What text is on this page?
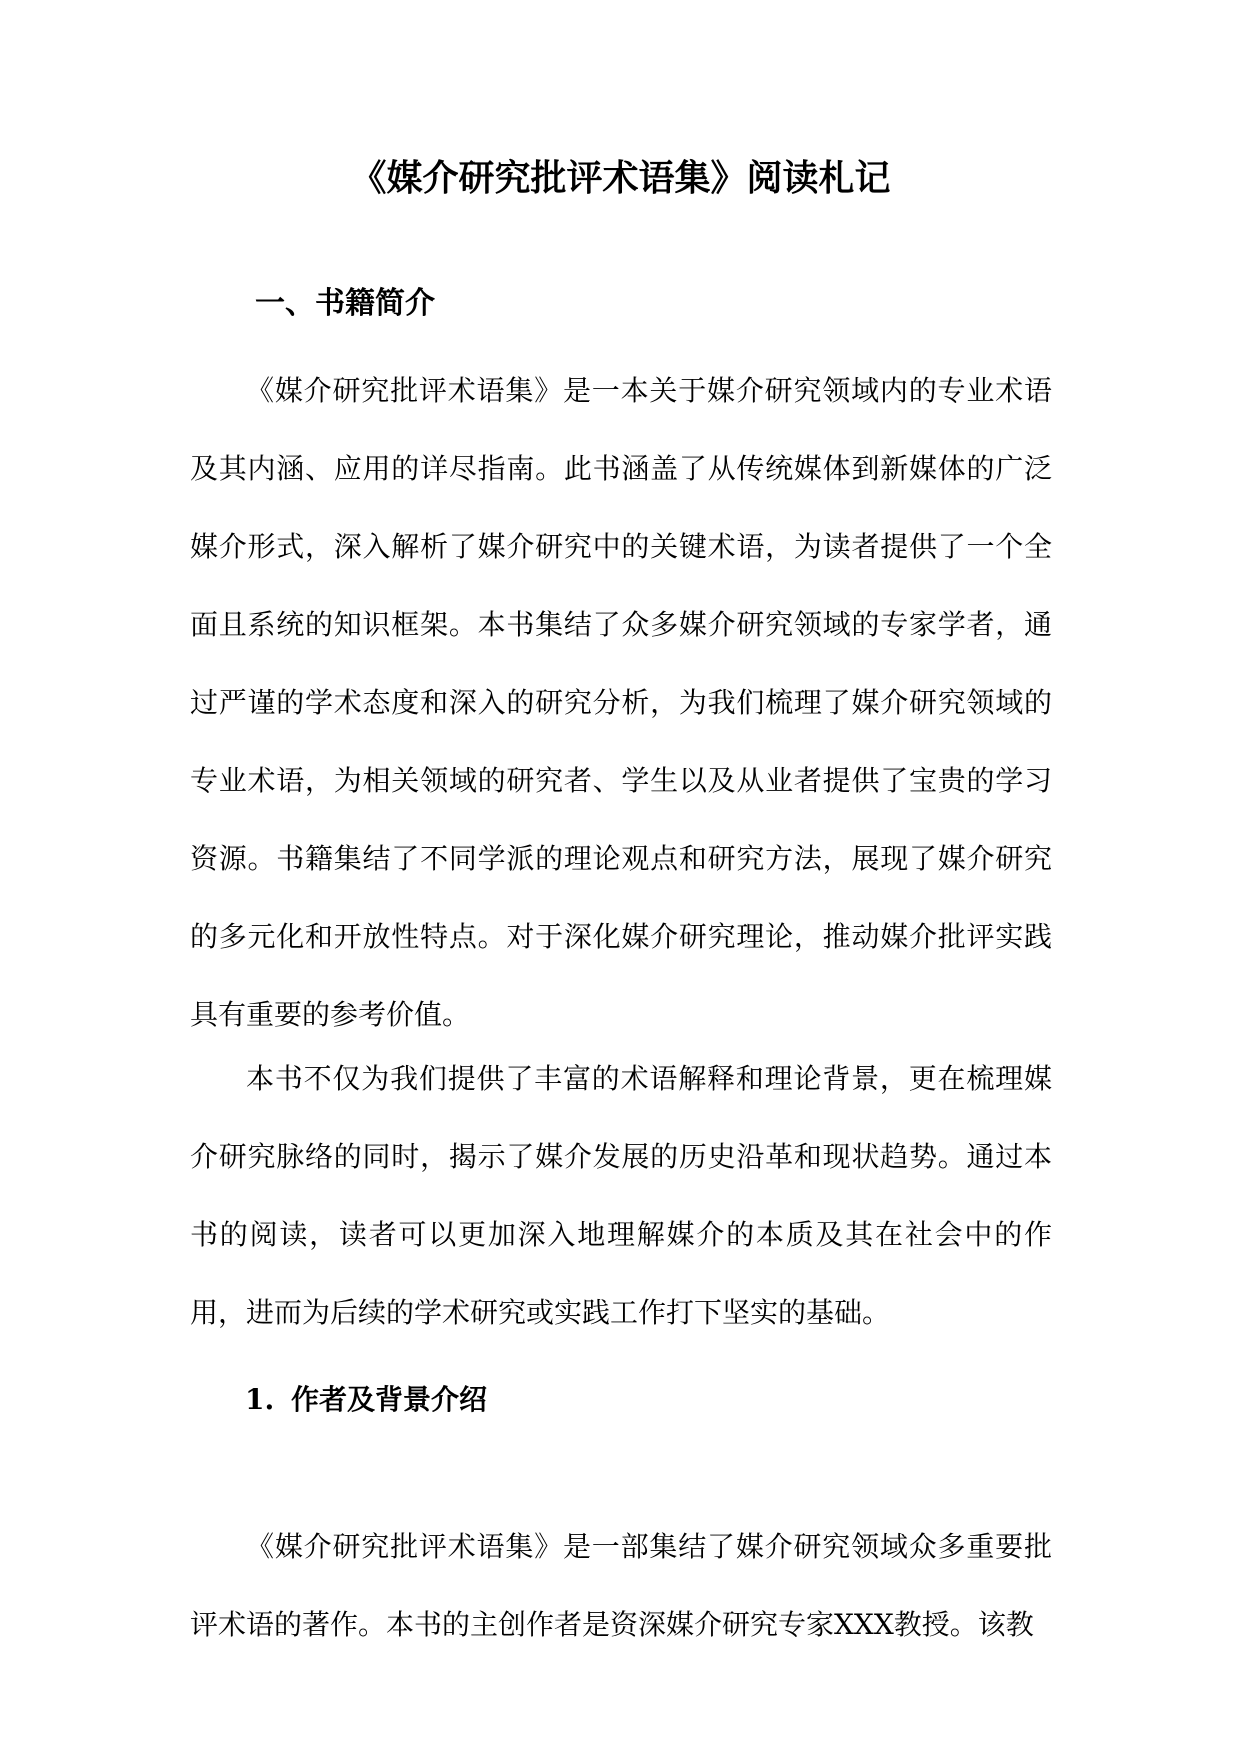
《媒介研究批评术语集》阅读札记
一、书籍简介

《媒介研究批评术语集》是一本关于媒介研究领域内的专业术语及其内涵、应用的详尽指南。此书涵盖了从传统媒体到新媒体的广泛媒介形式，深入解析了媒介研究中的关键术语，为读者提供了一个全面且系统的知识框架。本书集结了众多媒介研究领域的专家学者，通过严谨的学术态度和深入的研究分析，为我们梳理了媒介研究领域的专业术语，为相关领域的研究者、学生以及从业者提供了宝贵的学习资源。书籍集结了不同学派的理论观点和研究方法，展现了媒介研究的多元化和开放性特点。对于深化媒介研究理论，推动媒介批评实践具有重要的参考价值。

本书不仅为我们提供了丰富的术语解释和理论背景，更在梳理媒介研究脉络的同时，揭示了媒介发展的历史沿革和现状趋势。通过本书的阅读，读者可以更加深入地理解媒介的本质及其在社会中的作用，进而为后续的学术研究或实践工作打下坚实的基础。

1. 作者及背景介绍

《媒介研究批评术语集》是一部集结了媒介研究领域众多重要批评术语的著作。本书的主创作者是资深媒介研究专家XXX教授。该教
